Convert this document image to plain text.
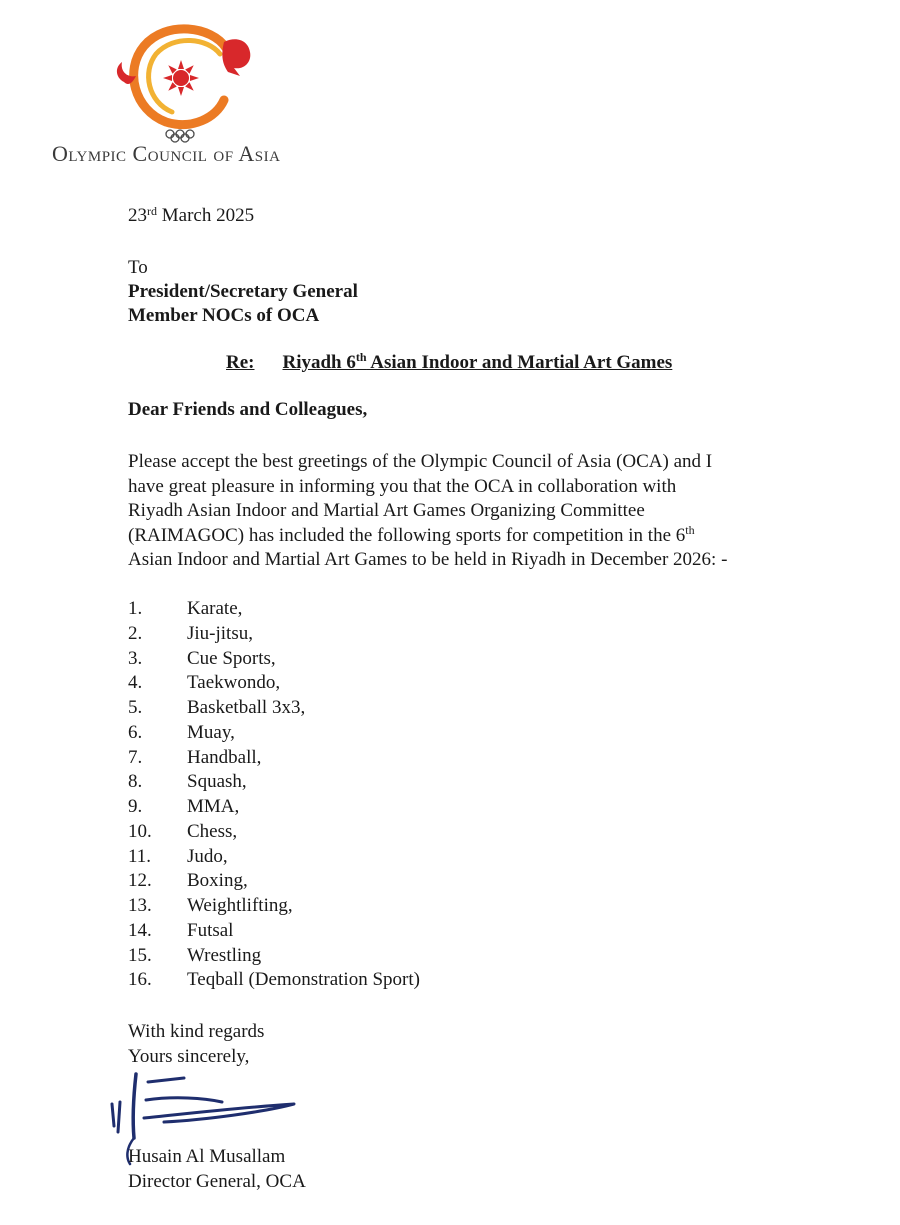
Olympic Council of Asia
23rd March 2025
To
President/Secretary General
Member NOCs of OCA
Re: Riyadh 6th Asian Indoor and Martial Art Games
Dear Friends and Colleagues,
Please accept the best greetings of the Olympic Council of Asia (OCA) and I
have great pleasure in informing you that the OCA in collaboration with
Riyadh Asian Indoor and Martial Art Games Organizing Committee
(RAIMAGOC) has included the following sports for competition in the 6th
Asian Indoor and Martial Art Games to be held in Riyadh in December 2026: -
1. Karate,
2. Jiu-jitsu,
3. Cue Sports,
4. Taekwondo,
5. Basketball 3x3,
6. Muay,
7. Handball,
8. Squash,
9. MMA,
10. Chess,
11. Judo,
12. Boxing,
13. Weightlifting,
14. Futsal
15. Wrestling
16. Teqball (Demonstration Sport)
With kind regards
Yours sincerely,
Husain Al Musallam
Director General, OCA
